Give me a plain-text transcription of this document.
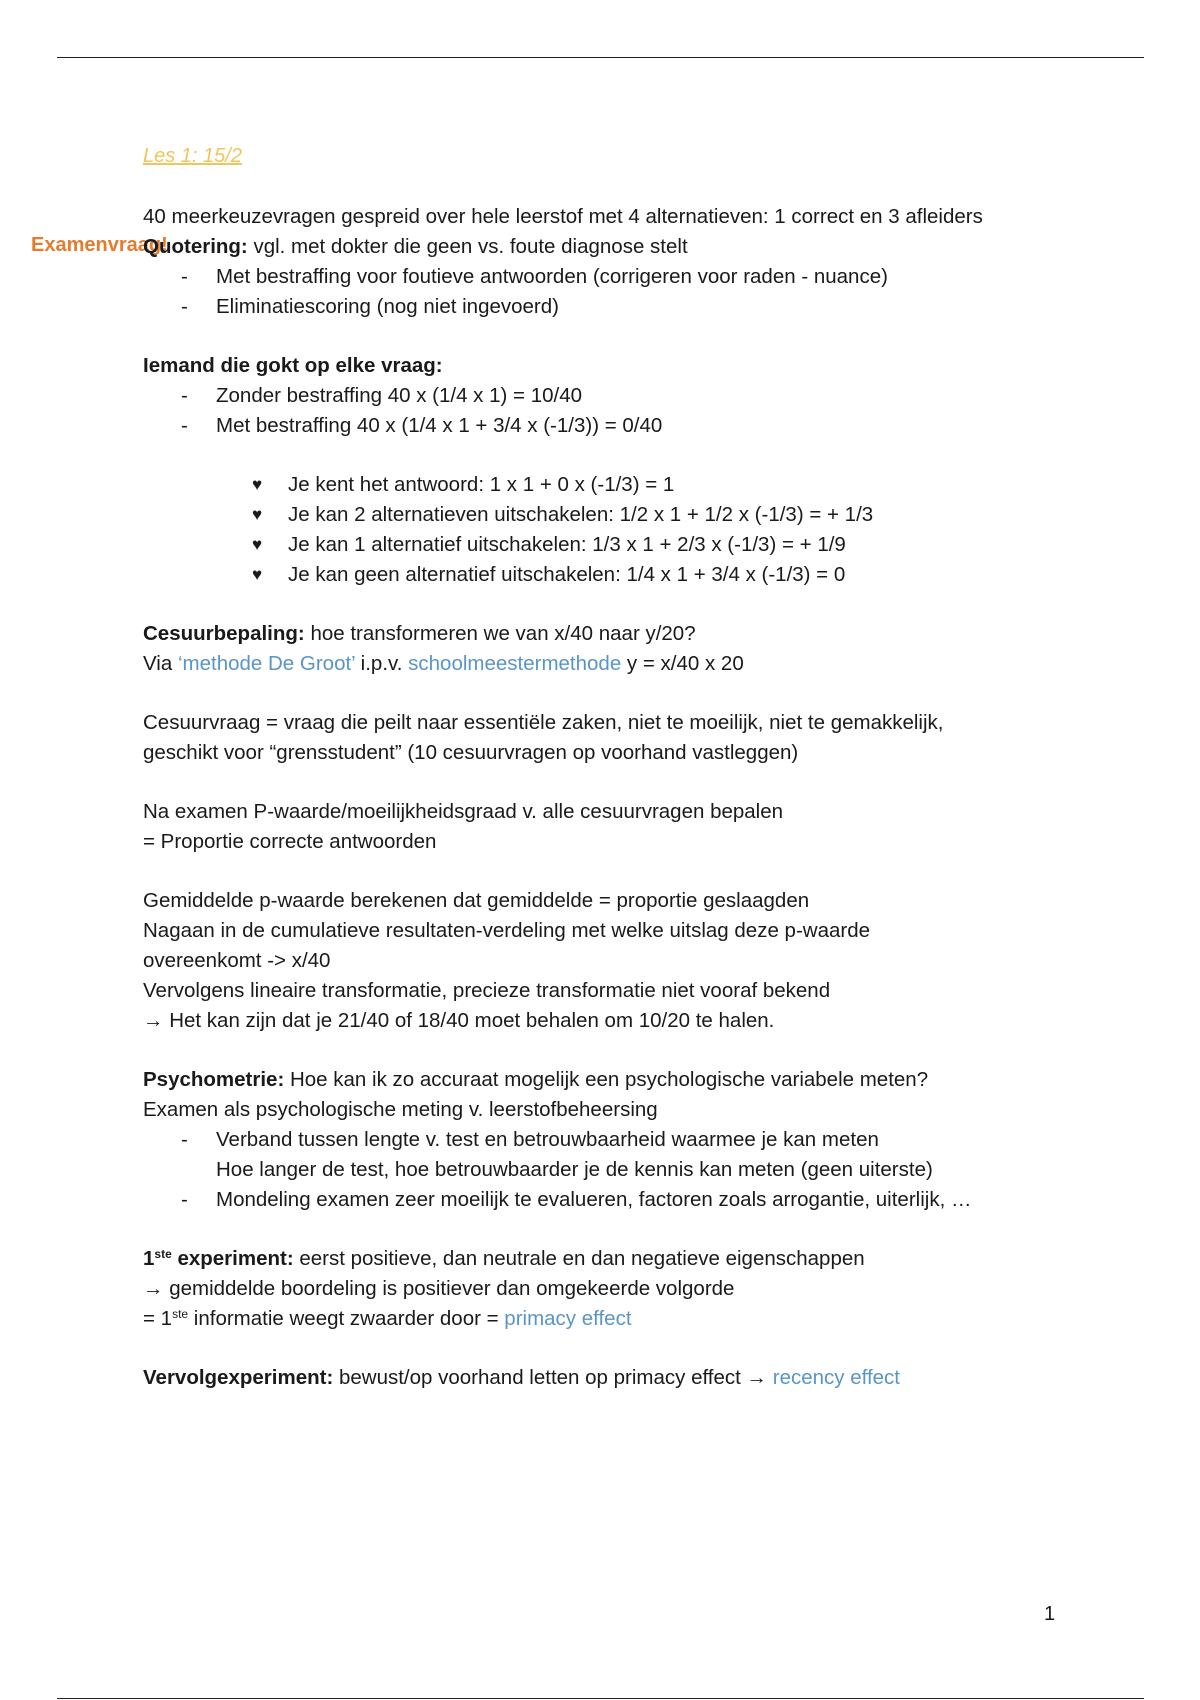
Les 1: 15/2
Examenvraag!
40 meerkeuzevragen gespreid over hele leerstof met 4 alternatieven: 1 correct en 3 afleiders
Quotering: vgl. met dokter die geen vs. foute diagnose stelt
- Met bestraffing voor foutieve antwoorden (corrigeren voor raden - nuance)
- Eliminatiescoring (nog niet ingevoerd)
Iemand die gokt op elke vraag:
- Zonder bestraffing 40 x (1/4 x 1) = 10/40
- Met bestraffing 40 x (1/4 x 1 + 3/4 x (-1/3)) = 0/40
♥ Je kent het antwoord: 1 x 1 + 0 x (-1/3) = 1
♥ Je kan 2 alternatieven uitschakelen: 1/2 x 1 + 1/2 x (-1/3) = + 1/3
♥ Je kan 1 alternatief uitschakelen: 1/3 x 1 + 2/3 x (-1/3) = + 1/9
♥ Je kan geen alternatief uitschakelen: 1/4 x 1 + 3/4 x (-1/3) = 0
Cesuurbepaling: hoe transformeren we van x/40 naar y/20?
Via ‘methode De Groot’ i.p.v. schoolmeestermethode y = x/40 x 20
Cesuurvraag = vraag die peilt naar essentiële zaken, niet te moeilijk, niet te gemakkelijk,
geschikt voor “grensstudent” (10 cesuurvragen op voorhand vastleggen)
Na examen P-waarde/moeilijkheidsgraad v. alle cesuurvragen bepalen
= Proportie correcte antwoorden
Gemiddelde p-waarde berekenen dat gemiddelde = proportie geslaagden
Nagaan in de cumulatieve resultaten-verdeling met welke uitslag deze p-waarde
overeenkomt -> x/40
Vervolgens lineaire transformatie, precieze transformatie niet vooraf bekend
→ Het kan zijn dat je 21/40 of 18/40 moet behalen om 10/20 te halen.
Psychometrie: Hoe kan ik zo accuraat mogelijk een psychologische variabele meten?
Examen als psychologische meting v. leerstofbeheersing
- Verband tussen lengte v. test en betrouwbaarheid waarmee je kan meten
Hoe langer de test, hoe betrouwbaarder je de kennis kan meten (geen uiterste)
- Mondeling examen zeer moeilijk te evalueren, factoren zoals arrogantie, uiterlijk, …
1ste experiment: eerst positieve, dan neutrale en dan negatieve eigenschappen
→ gemiddelde boordeling is positiever dan omgekeerde volgorde
= 1ste informatie weegt zwaarder door = primacy effect
Vervolgexperiment: bewust/op voorhand letten op primacy effect → recency effect
1
